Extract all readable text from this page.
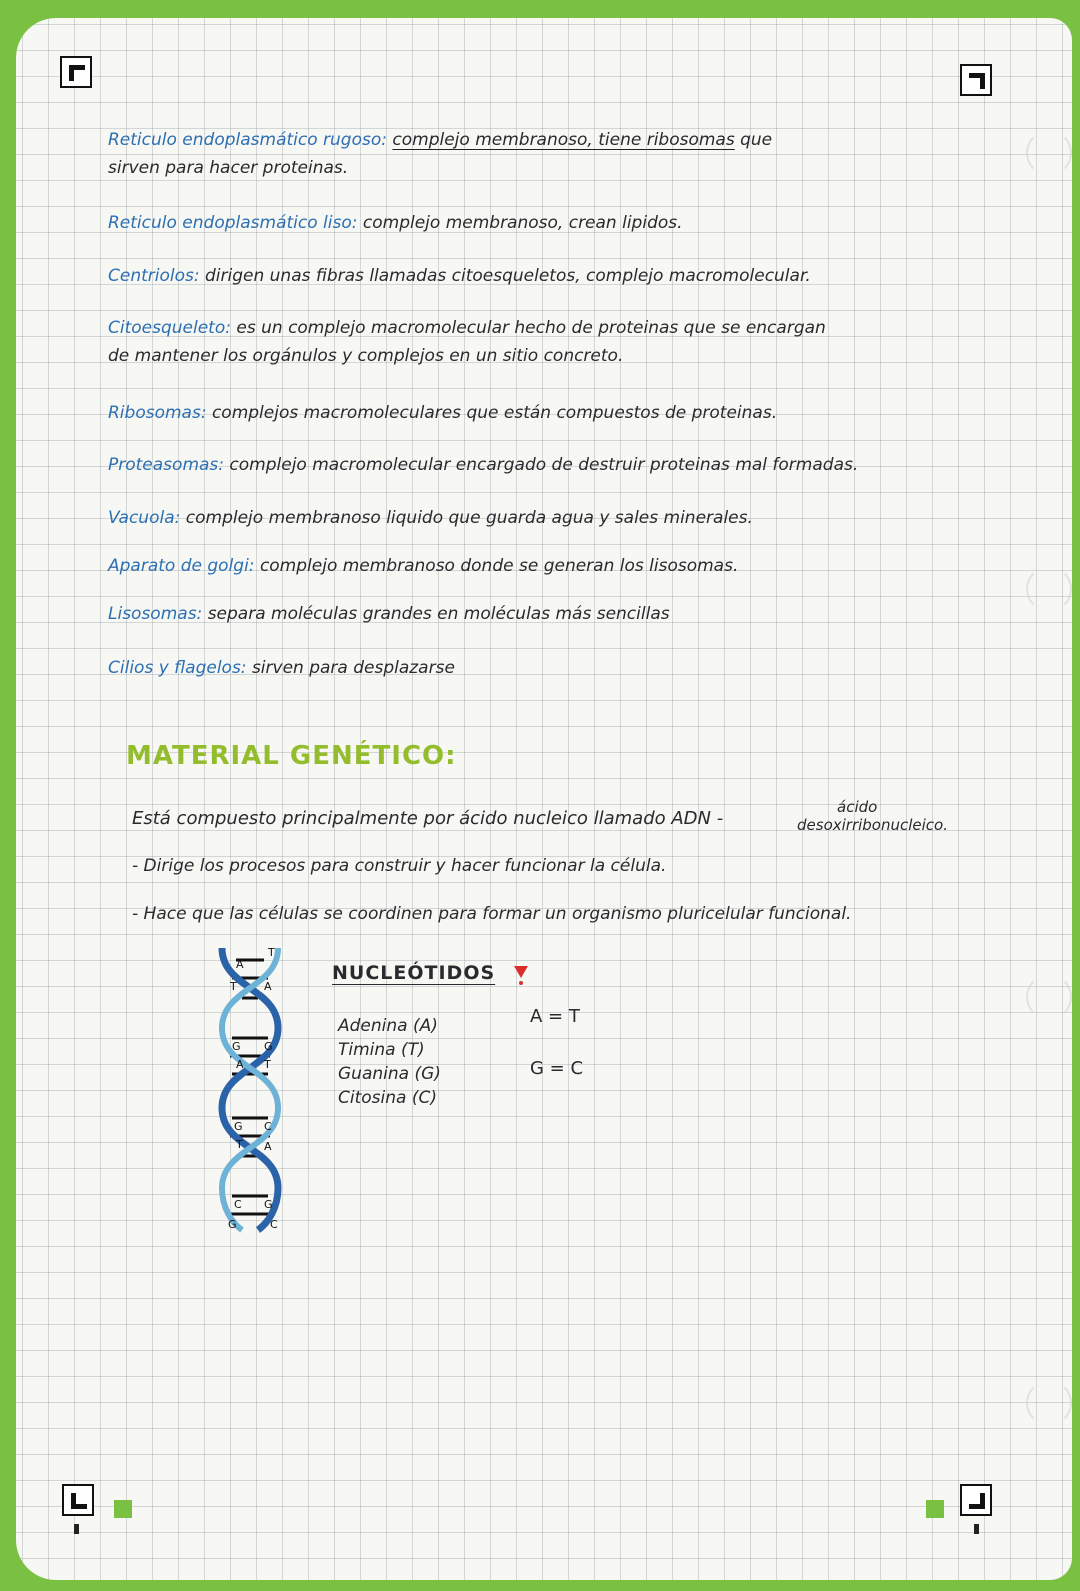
Reticulo endoplasmático rugoso: complejo membranoso, tiene ribosomas que

sirven para hacer proteinas.

Reticulo endoplasmático liso: complejo membranoso, crean lipidos.

Centriolos: dirigen unas fibras llamadas citoesqueletos, complejo macromolecular.

Citoesqueleto: es un complejo macromolecular hecho de proteinas que se encargan

de mantener los orgánulos y complejos en un sitio concreto.

Ribosomas: complejos macromoleculares que están compuestos de proteinas.

Proteasomas: complejo macromolecular encargado de destruir proteinas mal formadas.

Vacuola: complejo membranoso liquido que guarda agua y sales minerales.

Aparato de golgi: complejo membranoso donde se generan los lisosomas.

Lisosomas: separa moléculas grandes en moléculas más sencillas

Cilios y flagelos: sirven para desplazarse

MATERIAL GENÉTICO:

Está compuesto principalmente por ácido nucleico llamado ADN -

ácido
desoxirribonucleico.

- Dirige los procesos para construir y hacer funcionar la célula.

- Hace que las células se coordinen para formar un organismo pluricelular funcional.

A
T
G
A
G
T
C
G
T
A
G
T
C
A
G
C
NUCLEÓTIDOS
Adenina (A)
Timina (T)
Guanina (G)
Citosina (C)
A = T
G = C
